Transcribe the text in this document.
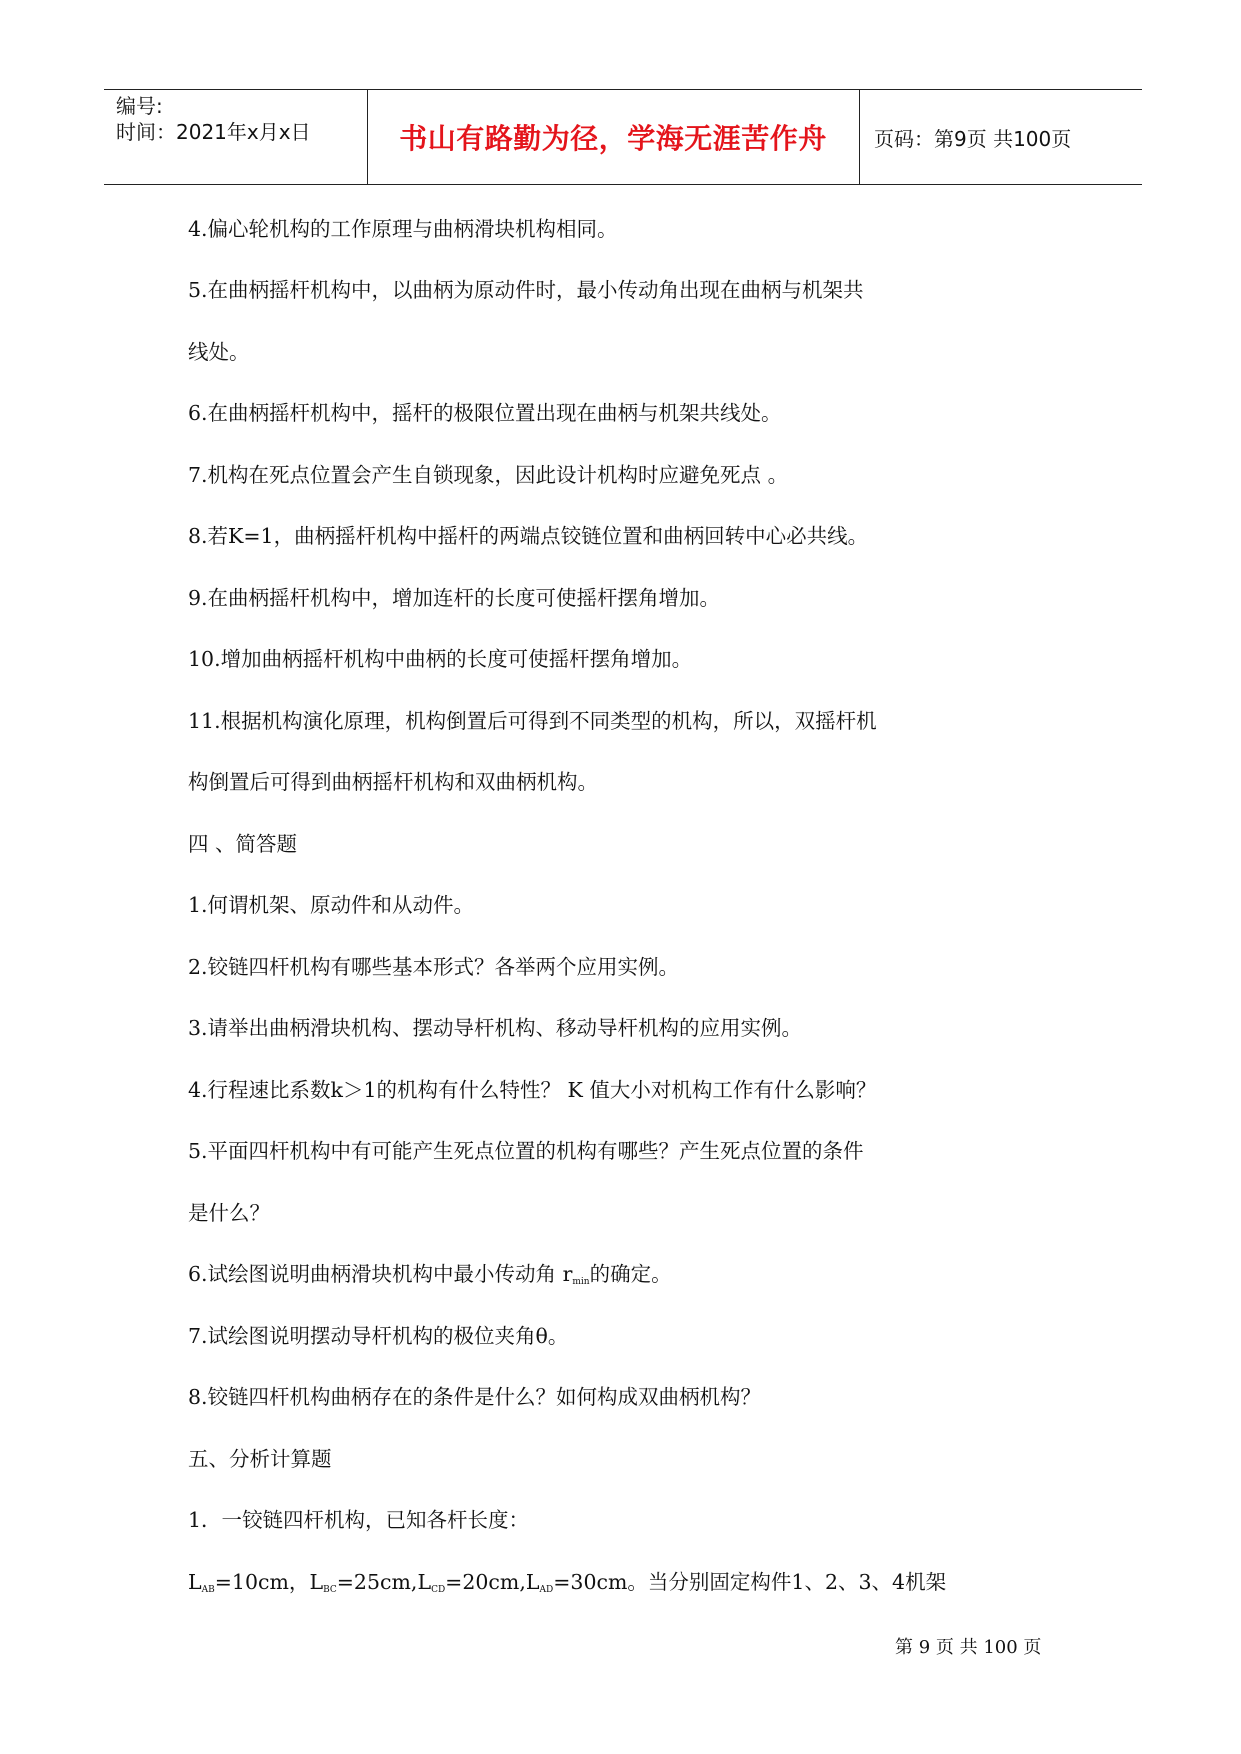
编号:
时间：2021年x月x日	书山有路勤为径，学海无涯苦作舟 页码：第9页 共100页
4.偏心轮机构的工作原理与曲柄滑块机构相同。
5.在曲柄摇杆机构中，以曲柄为原动件时，最小传动角出现在曲柄与机架共
线处。
6.在曲柄摇杆机构中，摇杆的极限位置出现在曲柄与机架共线处。
7.机构在死点位置会产生自锁现象，因此设计机构时应避免死点 。
8.若K=1，曲柄摇杆机构中摇杆的两端点铰链位置和曲柄回转中心必共线。
9.在曲柄摇杆机构中，增加连杆的长度可使摇杆摆角增加。
10.增加曲柄摇杆机构中曲柄的长度可使摇杆摆角增加。
11.根据机构演化原理，机构倒置后可得到不同类型的机构，所以，双摇杆机
构倒置后可得到曲柄摇杆机构和双曲柄机构。
四 、简答题
1.何谓机架、原动件和从动件。
2.铰链四杆机构有哪些基本形式？各举两个应用实例。
3.请举出曲柄滑块机构、摆动导杆机构、移动导杆机构的应用实例。
4.行程速比系数k＞1的机构有什么特性？ K 值大小对机构工作有什么影响？
5.平面四杆机构中有可能产生死点位置的机构有哪些？产生死点位置的条件
是什么？
6.试绘图说明曲柄滑块机构中最小传动角 $r_{min}$的确定。
7.试绘图说明摆动导杆机构的极位夹角θ。
8.铰链四杆机构曲柄存在的条件是什么？如何构成双曲柄机构？
五、分析计算题
1．一铰链四杆机构，已知各杆长度：
$L_{AB}=10cm$，$L_{BC}=25cm,L_{CD}=20cm,L_{AD}=30cm$。当分别固定构件1、2、3、4机架
第 9 页 共 100 页
